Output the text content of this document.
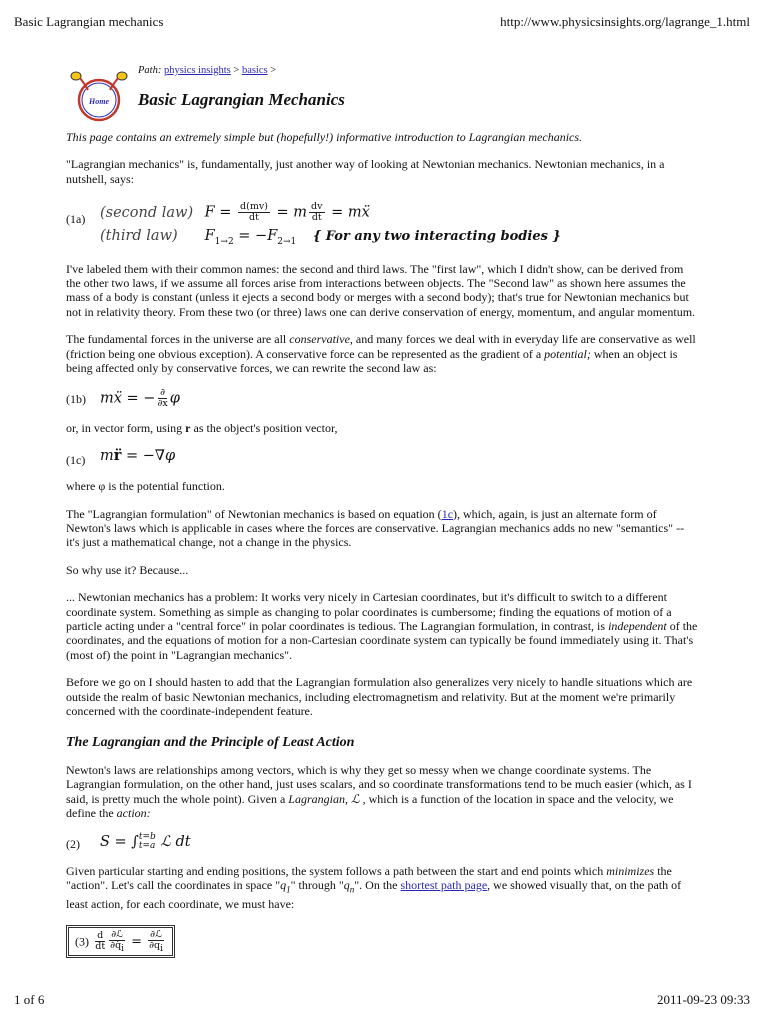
Basic Lagrangian mechanics	http://www.physicsinsights.org/lagrange_1.html
Home
Path: physics insights > basics >
Basic Lagrangian Mechanics

This page contains an extremely simple but (hopefully!) informative introduction to Lagrangian mechanics.

"Lagrangian mechanics" is, fundamentally, just another way of looking at Newtonian mechanics. Newtonian mechanics, in a nutshell, says:

(1a)	(second law) $F = \frac{d(mv)}{dt} = m \frac{dv}{dt}$ = mẍ
(third law) $F_{1\to 2} = -F_{2\to 1}$ { For any two interacting bodies }

I've labeled them with their common names: the second and third laws. The "first law", which I didn't show, can be derived from the other two laws, if we assume all forces arise from interactions between objects. The "Second law" as shown here assumes the mass of a body is constant (unless it ejects a second body or merges with a second body); that's true for Newtonian mechanics but not in relativity theory. From these two (or three) laws one can derive conservation of energy, momentum, and angular momentum.

The fundamental forces in the universe are all conservative, and many forces we deal with in everyday life are conservative as well (friction being one obvious exception). A conservative force can be represented as the gradient of a potential; when an object is being affected only by conservative forces, we can rewrite the second law as:

(1b) mẍ = − $\frac{\partial}{\partial x}$ φ

or, in vector form, using r as the object's position vector,

(1c)	mr̈ = −∇φ

where φ is the potential function.

The "Lagrangian formulation" of Newtonian mechanics is based on equation (1c), which, again, is just an alternate form of Newton's laws which is applicable in cases where the forces are conservative. Lagrangian mechanics adds no new "semantics" -- it's just a mathematical change, not a change in the physics.

So why use it? Because...

... Newtonian mechanics has a problem: It works very nicely in Cartesian coordinates, but it's difficult to switch to a different coordinate system. Something as simple as changing to polar coordinates is cumbersome; finding the equations of motion of a particle acting under a "central force" in polar coordinates is tedious. The Lagrangian formulation, in contrast, is independent of the coordinates, and the equations of motion for a non-Cartesian coordinate system can typically be found immediately using it. That's (most of) the point in "Lagrangian mechanics".

Before we go on I should hasten to add that the Lagrangian formulation also generalizes very nicely to handle situations which are outside the realm of basic Newtonian mechanics, including electromagnetism and relativity. But at the moment we're primarily concerned with the coordinate-independent feature.

The Lagrangian and the Principle of Least Action

Newton's laws are relationships among vectors, which is why they get so messy when we change coordinate systems. The Lagrangian formulation, on the other hand, just uses scalars, and so coordinate transformations tend to be much easier (which, as I said, is pretty much the whole point). Given a Lagrangian, ℒ , which is a function of the location in space and the velocity, we define the action:

(2)	S = ∫ t=b
t=a ℒ dt

Given particular starting and ending positions, the system follows a path between the start and end points which minimizes the "action". Let's call the coordinates in space "$q_1$" through "$q_n$". On the shortest path page, we showed visually that, on the path of least action, for each coordinate, we must have:

$(3) \frac{d}{dt} \frac{\text{∂ℒ}}{\partial q̇i} = \frac{\text{∂ℒ}}{\partial qi}$
1 of 6	2011-09-23 09:33
